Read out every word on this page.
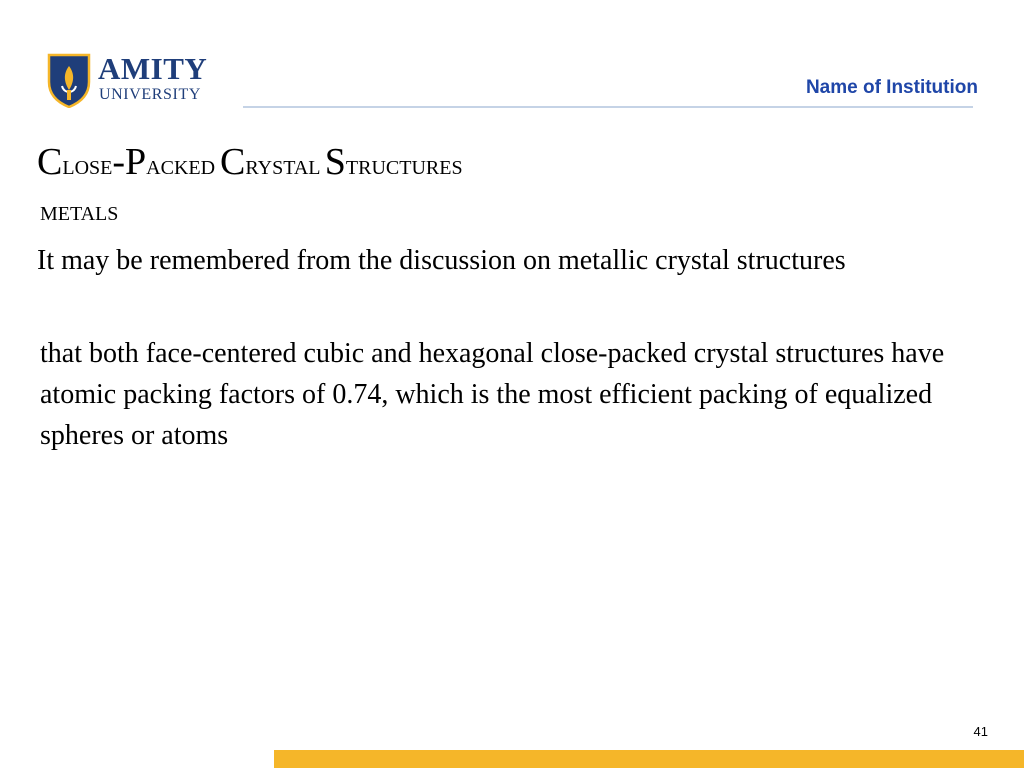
AMITY
UNIVERSITY	Name of Institution
CLOSE-PACKED CRYSTAL STRUCTURES
METALS
It may be remembered from the discussion on metallic crystal structures
that both face-centered cubic and hexagonal close-packed crystal structures have atomic packing factors of 0.74, which is the most efficient packing of equalized spheres or atoms
41
